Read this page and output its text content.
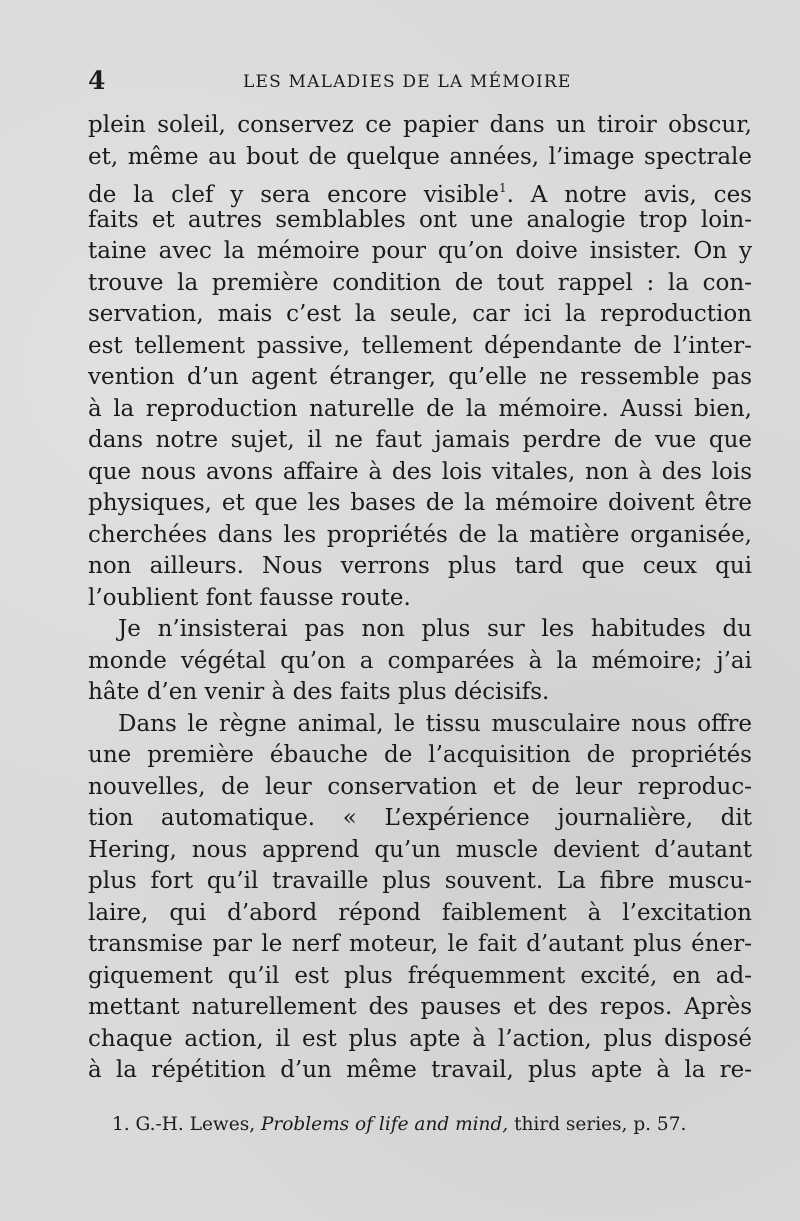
4	LES MALADIES DE LA MÉMOIRE
plein soleil, conservez ce papier dans un tiroir obscur,
et, même au bout de quelque années, l’image spectrale
de la clef y sera encore visible$^1$. A notre avis, ces
faits et autres semblables ont une analogie trop loin-
taine avec la mémoire pour qu’on doive insister. On y
trouve la première condition de tout rappel : la con-
servation, mais c’est la seule, car ici la reproduction
est tellement passive, tellement dépendante de l’inter-
vention d’un agent étranger, qu’elle ne ressemble pas
à la reproduction naturelle de la mémoire. Aussi bien,
dans notre sujet, il ne faut jamais perdre de vue que
que nous avons affaire à des lois vitales, non à des lois
physiques, et que les bases de la mémoire doivent être
cherchées dans les propriétés de la matière organisée,
non ailleurs. Nous verrons plus tard que ceux qui
l’oublient font fausse route.
Je n’insisterai pas non plus sur les habitudes du
monde végétal qu’on a comparées à la mémoire; j’ai
hâte d’en venir à des faits plus décisifs.
Dans le règne animal, le tissu musculaire nous offre
une première ébauche de l’acquisition de propriétés
nouvelles, de leur conservation et de leur reproduc-
tion automatique. « L’expérience journalière, dit
Hering, nous apprend qu’un muscle devient d’autant
plus fort qu’il travaille plus souvent. La fibre muscu-
laire, qui d’abord répond faiblement à l’excitation
transmise par le nerf moteur, le fait d’autant plus éner-
giquement qu’il est plus fréquemment excité, en ad-
mettant naturellement des pauses et des repos. Après
chaque action, il est plus apte à l’action, plus disposé
à la répétition d’un même travail, plus apte à la re-
1. G.-H. Lewes, Problems of life and mind, third series, p. 57.
